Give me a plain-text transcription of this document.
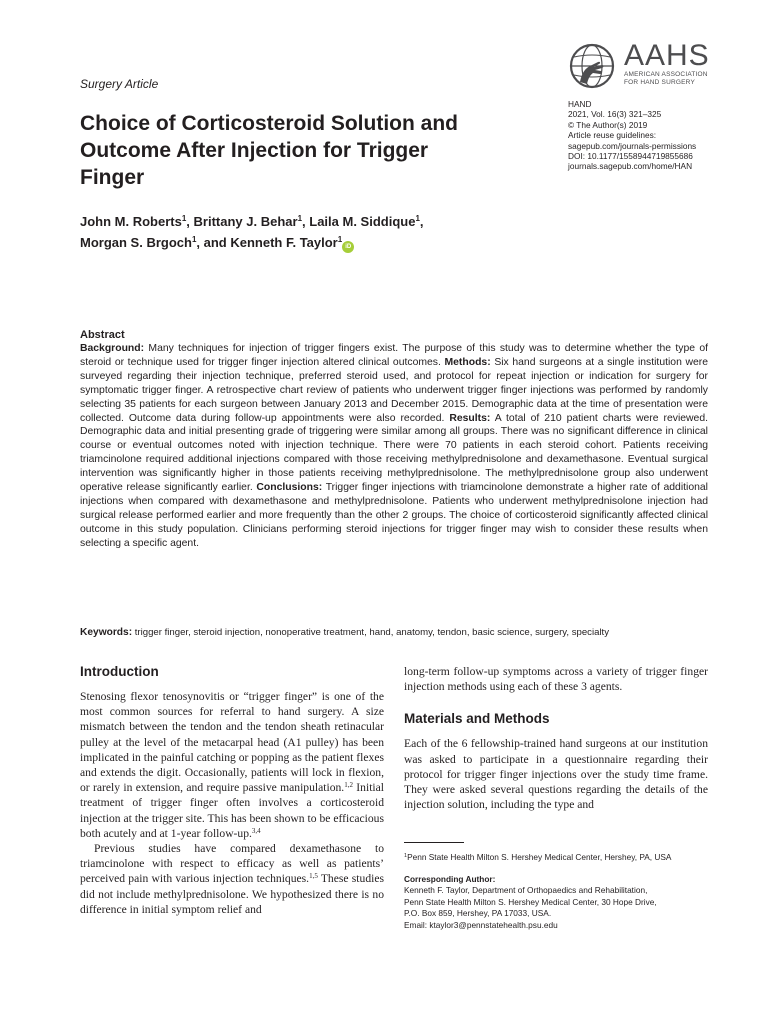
Surgery Article
Choice of Corticosteroid Solution and Outcome After Injection for Trigger Finger
AAHS
AMERICAN ASSOCIATION
FOR HAND SURGERY
HAND
2021, Vol. 16(3) 321–325
© The Author(s) 2019
Article reuse guidelines:
sagepub.com/journals-permissions
DOI: 10.1177/1558944719855686
journals.sagepub.com/home/HAN
John M. Roberts$^1$, Brittany J. Behar$^1$, Laila M. Siddique$^1$,
Morgan S. Brgoch$^1$, and Kenneth F. Taylor$^1$iD
Abstract
Background: Many techniques for injection of trigger fingers exist. The purpose of this study was to determine whether the type of steroid or technique used for trigger finger injection altered clinical outcomes. Methods: Six hand surgeons at a single institution were surveyed regarding their injection technique, preferred steroid used, and protocol for repeat injection or indication for surgery for symptomatic trigger finger. A retrospective chart review of patients who underwent trigger finger injections was performed by randomly selecting 35 patients for each surgeon between January 2013 and December 2015. Demographic data at the time of presentation were collected. Outcome data during follow-up appointments were also recorded. Results: A total of 210 patient charts were reviewed. Demographic data and initial presenting grade of triggering were similar among all groups. There was no significant difference in clinical course or eventual outcomes noted with injection technique. There were 70 patients in each steroid cohort. Patients receiving triamcinolone required additional injections compared with those receiving methylprednisolone and dexamethasone. Eventual surgical intervention was significantly higher in those patients receiving methylprednisolone. The methylprednisolone group also underwent operative release significantly earlier. Conclusions: Trigger finger injections with triamcinolone demonstrate a higher rate of additional injections when compared with dexamethasone and methylprednisolone. Patients who underwent methylprednisolone injection had surgical release performed earlier and more frequently than the other 2 groups. The choice of corticosteroid significantly affected clinical outcome in this study population. Clinicians performing steroid injections for trigger finger may wish to consider these results when selecting a specific agent.
Keywords: trigger finger, steroid injection, nonoperative treatment, hand, anatomy, tendon, basic science, surgery, specialty
Introduction

Stenosing flexor tenosynovitis or “trigger finger” is one of the most common sources for referral to hand surgery. A size mismatch between the tendon and the tendon sheath retinacular pulley at the level of the metacarpal head (A1 pulley) has been implicated in the painful catching or popping as the patient flexes and extends the digit. Occasionally, patients will lock in flexion, or rarely in extension, and require passive manipulation.$^{1,2}$ Initial treatment of trigger finger often involves a corticosteroid injection at the trigger site. This has been shown to be efficacious both acutely and at 1-year follow-up.$^{3,4}$

Previous studies have compared dexamethasone to triamcinolone with respect to efficacy as well as patients’ perceived pain with various injection techniques.$^{1,5}$ These studies did not include methylprednisolone. We hypothesized there is no difference in initial symptom relief and

long-term follow-up symptoms across a variety of trigger finger injection methods using each of these 3 agents.

Materials and Methods

Each of the 6 fellowship-trained hand surgeons at our institution was asked to participate in a questionnaire regarding their protocol for trigger finger injections over the study time frame. They were asked several questions regarding the details of the injection solution, including the type and

$^1$Penn State Health Milton S. Hershey Medical Center, Hershey, PA, USA
Corresponding Author:
Kenneth F. Taylor, Department of Orthopaedics and Rehabilitation,
Penn State Health Milton S. Hershey Medical Center, 30 Hope Drive,
P.O. Box 859, Hershey, PA 17033, USA.
Email: ktaylor3@pennstatehealth.psu.edu
